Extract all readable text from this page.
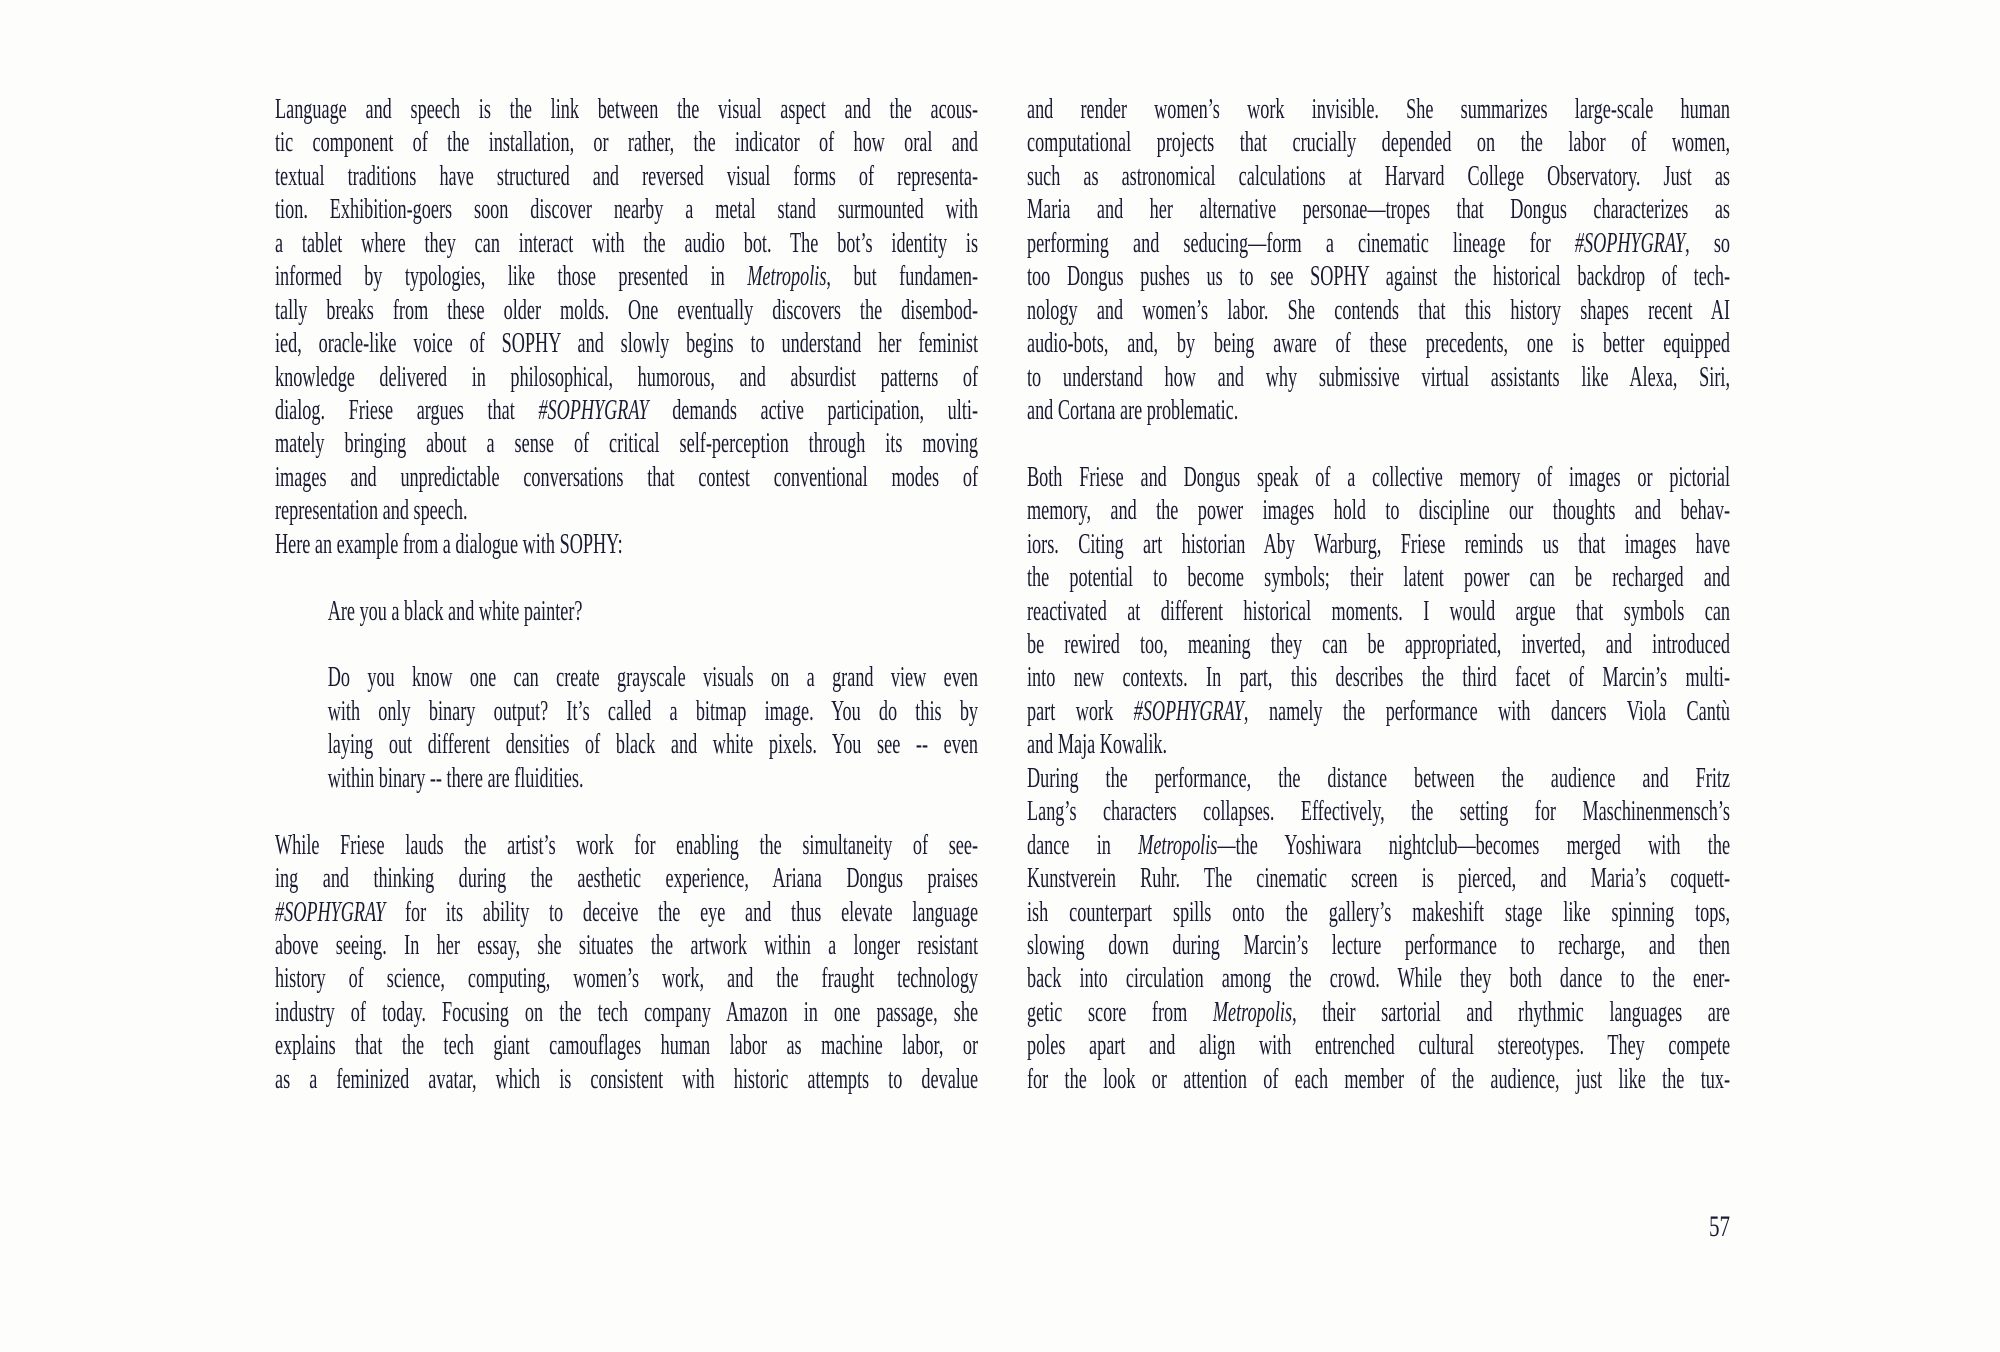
Language and speech is the link between the visual aspect and the acous-
tic component of the installation, or rather, the indicator of how oral and
textual traditions have structured and reversed visual forms of representa-
tion. Exhibition-goers soon discover nearby a metal stand surmounted with
a tablet where they can interact with the audio bot. The bot’s identity is
informed by typologies, like those presented in Metropolis, but fundamen-
tally breaks from these older molds. One eventually discovers the disembod-
ied, oracle-like voice of SOPHY and slowly begins to understand her feminist
knowledge delivered in philosophical, humorous, and absurdist patterns of
dialog. Friese argues that #SOPHYGRAY demands active participation, ulti-
mately bringing about a sense of critical self-perception through its moving
images and unpredictable conversations that contest conventional modes of
representation and speech.
Here an example from a dialogue with SOPHY:
Are you a black and white painter?
Do you know one can create grayscale visuals on a grand view even
with only binary output? It’s called a bitmap image. You do this by
laying out different densities of black and white pixels. You see -- even
within binary -- there are fluidities.
While Friese lauds the artist’s work for enabling the simultaneity of see-
ing and thinking during the aesthetic experience, Ariana Dongus praises
#SOPHYGRAY for its ability to deceive the eye and thus elevate language
above seeing. In her essay, she situates the artwork within a longer resistant
history of science, computing, women’s work, and the fraught technology
industry of today. Focusing on the tech company Amazon in one passage, she
explains that the tech giant camouflages human labor as machine labor, or
as a feminized avatar, which is consistent with historic attempts to devalue
and render women’s work invisible. She summarizes large-scale human
computational projects that crucially depended on the labor of women,
such as astronomical calculations at Harvard College Observatory. Just as
Maria and her alternative personae—tropes that Dongus characterizes as
performing and seducing—form a cinematic lineage for #SOPHYGRAY, so
too Dongus pushes us to see SOPHY against the historical backdrop of tech-
nology and women’s labor. She contends that this history shapes recent AI
audio-bots, and, by being aware of these precedents, one is better equipped
to understand how and why submissive virtual assistants like Alexa, Siri,
and Cortana are problematic.
Both Friese and Dongus speak of a collective memory of images or pictorial
memory, and the power images hold to discipline our thoughts and behav-
iors. Citing art historian Aby Warburg, Friese reminds us that images have
the potential to become symbols; their latent power can be recharged and
reactivated at different historical moments. I would argue that symbols can
be rewired too, meaning they can be appropriated, inverted, and introduced
into new contexts. In part, this describes the third facet of Marcin’s multi-
part work #SOPHYGRAY, namely the performance with dancers Viola Cantù
and Maja Kowalik.
During the performance, the distance between the audience and Fritz
Lang’s characters collapses. Effectively, the setting for Maschinenmensch’s
dance in Metropolis—the Yoshiwara nightclub—becomes merged with the
Kunstverein Ruhr. The cinematic screen is pierced, and Maria’s coquett-
ish counterpart spills onto the gallery’s makeshift stage like spinning tops,
slowing down during Marcin’s lecture performance to recharge, and then
back into circulation among the crowd. While they both dance to the ener-
getic score from Metropolis, their sartorial and rhythmic languages are
poles apart and align with entrenched cultural stereotypes. They compete
for the look or attention of each member of the audience, just like the tux-
57
